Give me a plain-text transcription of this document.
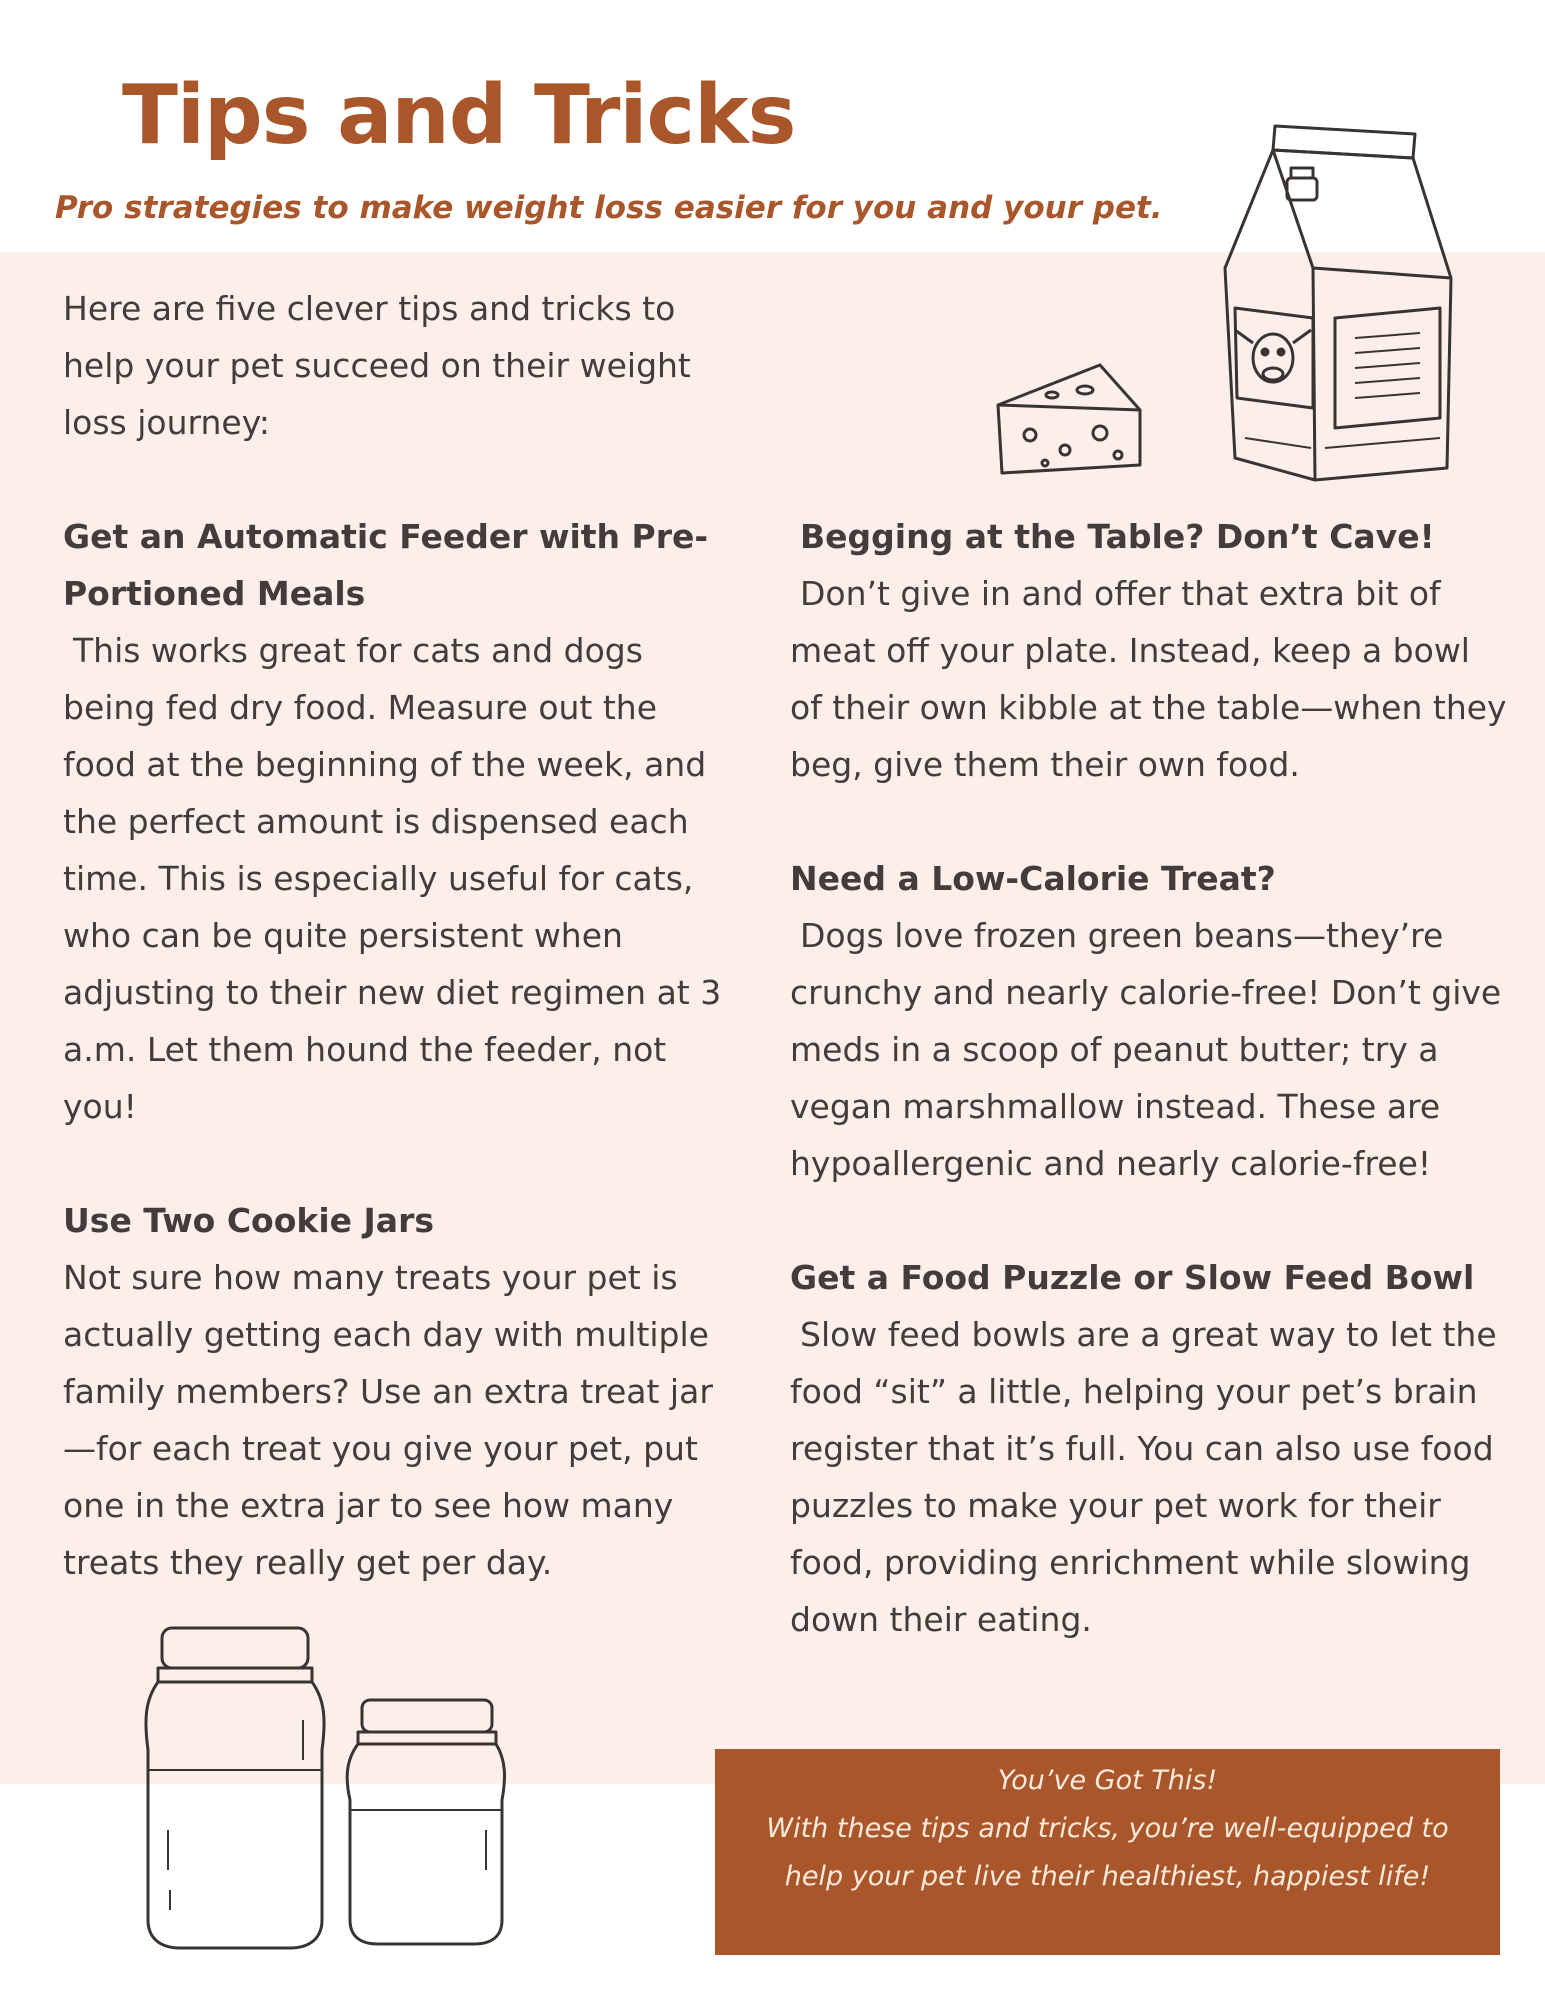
Tips and Tricks

Pro strategies to make weight loss easier for you and your pet.

Here are five clever tips and tricks to help your pet succeed on their weight loss journey:

Get an Automatic Feeder with Pre-Portioned Meals

This works great for cats and dogs being fed dry food. Measure out the food at the beginning of the week, and the perfect amount is dispensed each time. This is especially useful for cats, who can be quite persistent when adjusting to their new diet regimen at 3 a.m. Let them hound the feeder, not you!

Use Two Cookie Jars

Not sure how many treats your pet is actually getting each day with multiple family members? Use an extra treat jar—for each treat you give your pet, put one in the extra jar to see how many treats they really get per day.

Begging at the Table? Don’t Cave!

Don’t give in and offer that extra bit of meat off your plate. Instead, keep a bowl of their own kibble at the table—when they beg, give them their own food.

Need a Low-Calorie Treat?

Dogs love frozen green beans—they’re crunchy and nearly calorie-free! Don’t give meds in a scoop of peanut butter; try a vegan marshmallow instead. These are hypoallergenic and nearly calorie-free!

Get a Food Puzzle or Slow Feed Bowl

Slow feed bowls are a great way to let the food “sit” a little, helping your pet’s brain register that it’s full. You can also use food puzzles to make your pet work for their food, providing enrichment while slowing down their eating.

You’ve Got This!
With these tips and tricks, you’re well-equipped to
help your pet live their healthiest, happiest life!
